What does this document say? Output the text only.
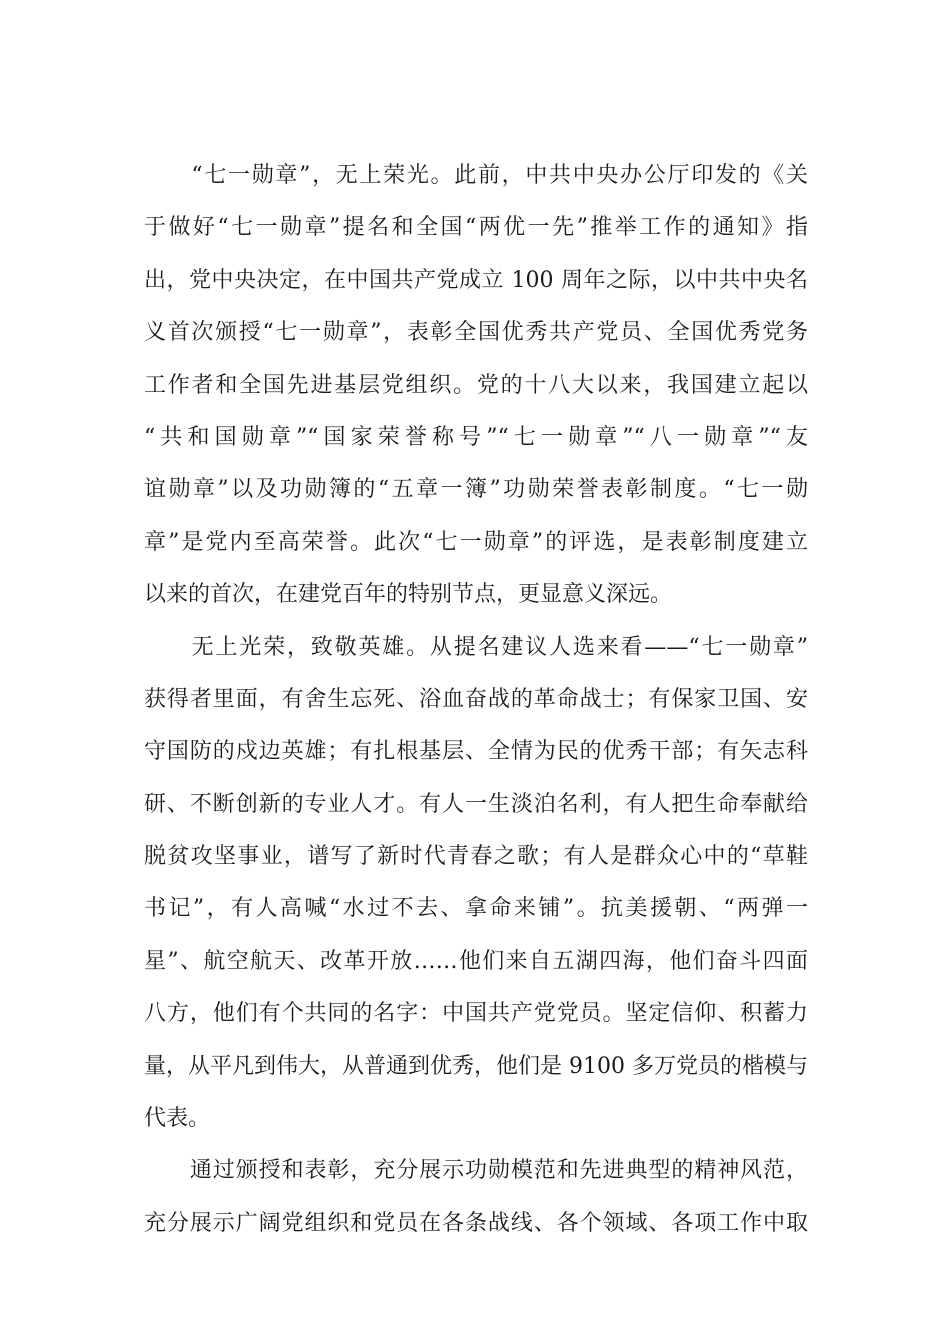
　　“七一勋章”，无上荣光。此前，中共中央办公厅印发的《关
于做好“七一勋章”提名和全国“两优一先”推举工作的通知》指
出，党中央决定，在中国共产党成立 100 周年之际，以中共中央名
义首次颁授“七一勋章”，表彰全国优秀共产党员、全国优秀党务
工作者和全国先进基层党组织。党的十八大以来，我国建立起以
“共和国勋章”“国家荣誉称号”“七一勋章”“八一勋章”“友
谊勋章”以及功勋簿的“五章一簿”功勋荣誉表彰制度。“七一勋
章”是党内至高荣誉。此次“七一勋章”的评选，是表彰制度建立
以来的首次，在建党百年的特别节点，更显意义深远。
　　无上光荣，致敬英雄。从提名建议人选来看——“七一勋章”
获得者里面，有舍生忘死、浴血奋战的革命战士；有保家卫国、安
守国防的戍边英雄；有扎根基层、全情为民的优秀干部；有矢志科
研、不断创新的专业人才。有人一生淡泊名利，有人把生命奉献给
脱贫攻坚事业，谱写了新时代青春之歌；有人是群众心中的“草鞋
书记”，有人高喊“水过不去、拿命来铺”。抗美援朝、“两弹一
星”、航空航天、改革开放……他们来自五湖四海，他们奋斗四面
八方，他们有个共同的名字：中国共产党党员。坚定信仰、积蓄力
量，从平凡到伟大，从普通到优秀，他们是 9100 多万党员的楷模与
代表。
　　通过颁授和表彰，充分展示功勋模范和先进典型的精神风范，
充分展示广阔党组织和党员在各条战线、各个领域、各项工作中取
